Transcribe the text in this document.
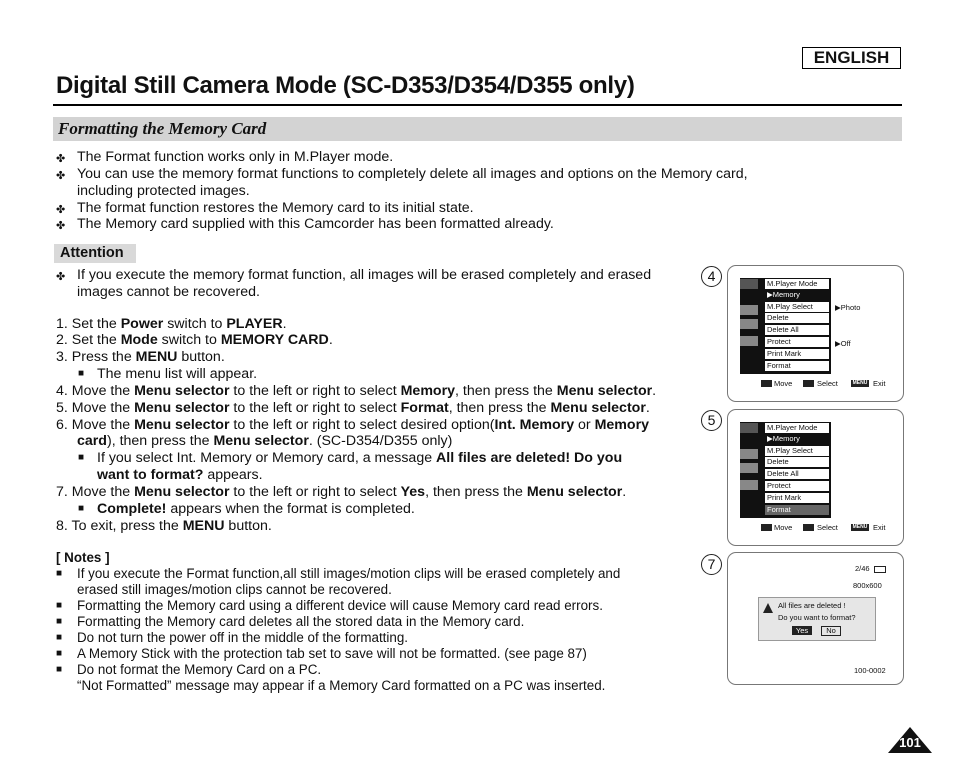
ENGLISH
Digital Still Camera Mode (SC-D353/D354/D355 only)
Formatting the Memory Card
✤ The Format function works only in M.Player mode.
✤ You can use the memory format functions to completely delete all images and options on the Memory card,
including protected images.
✤ The format function restores the Memory card to its initial state.
✤ The Memory card supplied with this Camcorder has been formatted already.
Attention
✤ If you execute the memory format function, all images will be erased completely and erased
images cannot be recovered.
1. Set the Power switch to PLAYER.
2. Set the Mode switch to MEMORY CARD.
3. Press the MENU button.
■ The menu list will appear.
4. Move the Menu selector to the left or right to select Memory, then press the Menu selector.
5. Move the Menu selector to the left or right to select Format, then press the Menu selector.
6. Move the Menu selector to the left or right to select desired option(Int. Memory or Memory
card), then press the Menu selector. (SC-D354/D355 only)
■ If you select Int. Memory or Memory card, a message All files are deleted! Do you
want to format? appears.
7. Move the Menu selector to the left or right to select Yes, then press the Menu selector.
■ Complete! appears when the format is completed.
8. To exit, press the MENU button.
[ Notes ]
■ If you execute the Format function,all still images/motion clips will be erased completely and
erased still images/motion clips cannot be recovered.
■ Formatting the Memory card using a different device will cause Memory card read errors.
■ Formatting the Memory card deletes all the stored data in the Memory card.
■ Do not turn the power off in the middle of the formatting.
■ A Memory Stick with the protection tab set to save will not be formatted. (see page 87)
■ Do not format the Memory Card on a PC.
“Not Formatted” message may appear if a Memory Card formatted on a PC was inserted.
M.Player Mode
▶Memory
M.Play Select
Delete
Delete All
Protect
Print Mark
Format
▶Photo
▶Off
Move	Select	MENU Exit
4
M.Player Mode
▶Memory
M.Play Select
Delete
Delete All
Protect
Print Mark
Format
Move	Select	MENU Exit
5
2/46
800x600
All files are deleted !
Do you want to format?
Yes	No
100-0002
7
101
